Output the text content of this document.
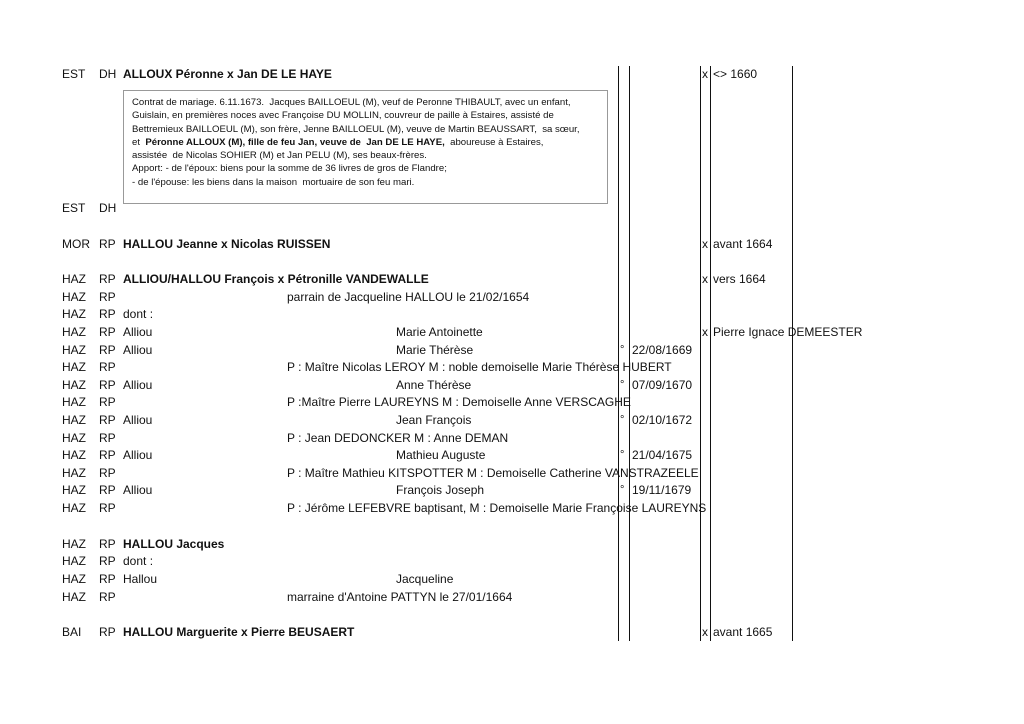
EST DH ALLOUX Péronne x Jan DE LE HAYE	x <> 1660
EST DH
MOR RP HALLOU Jeanne x Nicolas RUISSEN	x avant 1664
HAZ RP ALLIOU/HALLOU François x Pétronille VANDEWALLE	x vers 1664
HAZ RP	parrain de Jacqueline HALLOU le 21/02/1654
HAZ RP dont :
HAZ RP Alliou	Marie Antoinette	x Pierre Ignace DEMEESTER
HAZ RP Alliou	Marie Thérèse	° 22/08/1669
HAZ RP	P : Maître Nicolas LEROY M : noble demoiselle Marie Thérèse HUBERT
HAZ RP Alliou	Anne Thérèse	° 07/09/1670
HAZ RP	P :Maître Pierre LAUREYNS M : Demoiselle Anne VERSCAGHE
HAZ RP Alliou	Jean François	° 02/10/1672
HAZ RP	P : Jean DEDONCKER M : Anne DEMAN
HAZ RP Alliou	Mathieu Auguste	° 21/04/1675
HAZ RP	P : Maître Mathieu KITSPOTTER M : Demoiselle Catherine VANSTRAZEELE
HAZ RP Alliou	François Joseph	° 19/11/1679
HAZ RP	P : Jérôme LEFEBVRE baptisant, M : Demoiselle Marie Françoise LAUREYNS
HAZ RP HALLOU Jacques
HAZ RP dont :
HAZ RP Hallou	Jacqueline
HAZ RP	marraine d'Antoine PATTYN le 27/01/1664
BAI RP HALLOU Marguerite x Pierre BEUSAERT	x avant 1665
Contrat de mariage. 6.11.1673.  Jacques BAILLOEUL (M), veuf de Peronne THIBAULT, avec un enfant,
Guislain, en premières noces avec Françoise DU MOLLIN, couvreur de paille à Estaires, assisté de
Bettremieux BAILLOEUL (M), son frère, Jenne BAILLOEUL (M), veuve de Martin BEAUSSART,  sa sœur,
et  Péronne ALLOUX (M), fille de feu Jan, veuve de  Jan DE LE HAYE,  aboureuse à Estaires,
assistée  de Nicolas SOHIER (M) et Jan PELU (M), ses beaux-frères.
Apport: - de l'époux: biens pour la somme de 36 livres de gros de Flandre;
- de l'épouse: les biens dans la maison  mortuaire de son feu mari.
